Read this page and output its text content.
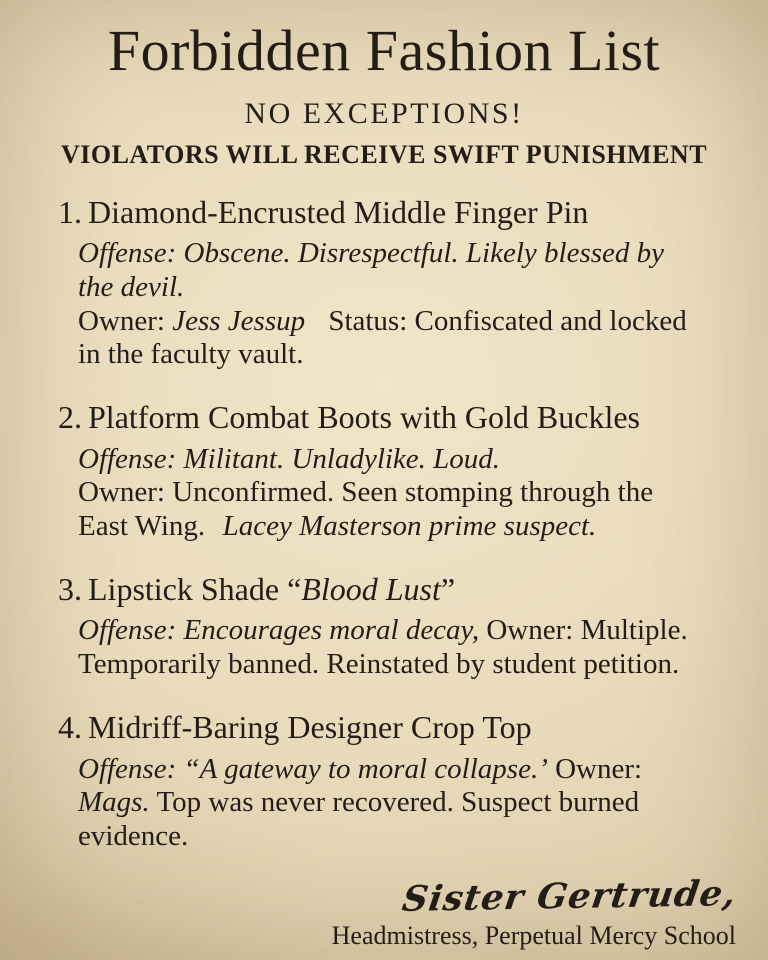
Forbidden Fashion List
NO EXCEPTIONS!
VIOLATORS WILL RECEIVE SWIFT PUNISHMENT
1. Diamond-Encrusted Middle Finger Pin

Offense: Obscene. Disrespectful. Likely blessed by the devil.

Owner: Jess Jessup Status: Confiscated and locked in the faculty vault.

2. Platform Combat Boots with Gold Buckles

Offense: Militant. Unladylike. Loud.

Owner: Unconfirmed. Seen stomping through the East Wing. Lacey Masterson prime suspect.

3. Lipstick Shade “Blood Lust”

Offense: Encourages moral decay, Owner: Multiple. Temporarily banned. Reinstated by student petition.

4. Midriff-Baring Designer Crop Top

Offense: “A gateway to moral collapse.’ Owner: Mags. Top was never recovered. Suspect burned evidence.

Sister Gertrude,
Headmistress, Perpetual Mercy School
